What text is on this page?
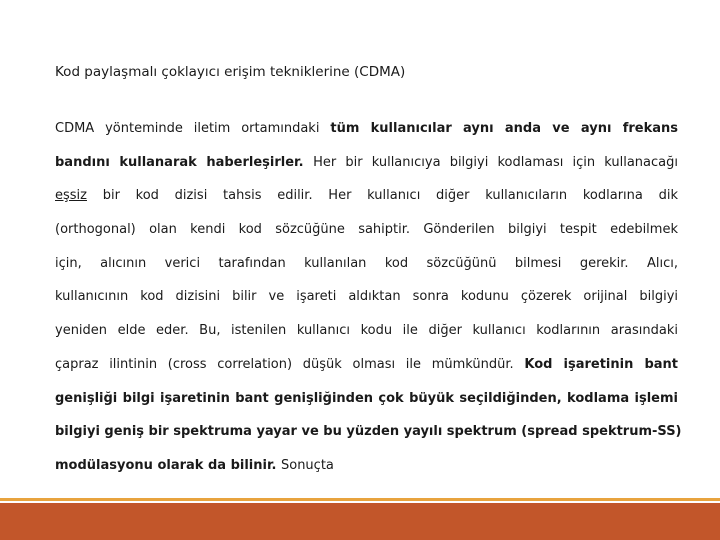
Kod paylaşmalı çoklayıcı erişim tekniklerine (CDMA)
CDMA yönteminde iletim ortamındaki tüm kullanıcılar aynı anda ve aynı frekans
bandını kullanarak haberleşirler. Her bir kullanıcıya bilgiyi kodlaması için kullanacağı
eşsiz bir kod dizisi tahsis edilir. Her kullanıcı diğer kullanıcıların kodlarına dik
(orthogonal) olan kendi kod sözcüğüne sahiptir. Gönderilen bilgiyi tespit edebilmek
için, alıcının verici tarafından kullanılan kod sözcüğünü bilmesi gerekir. Alıcı,
kullanıcının kod dizisini bilir ve işareti aldıktan sonra kodunu çözerek orijinal bilgiyi
yeniden elde eder. Bu, istenilen kullanıcı kodu ile diğer kullanıcı kodlarının arasındaki
çapraz ilintinin (cross correlation) düşük olması ile mümkündür. Kod işaretinin bant
genişliği bilgi işaretinin bant genişliğinden çok büyük seçildiğinden, kodlama işlemi
bilgiyi geniş bir spektruma yayar ve bu yüzden yayılı spektrum (spread spektrum-SS)
modülasyonu olarak da bilinir. Sonuçta
